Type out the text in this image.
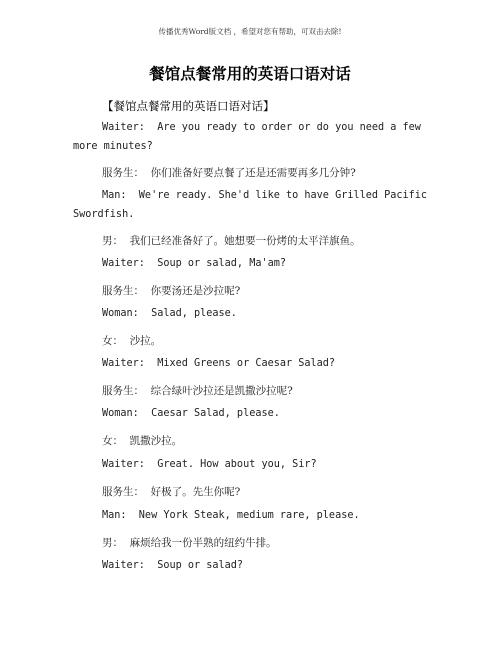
传播优秀Word版文档 ，希望对您有帮助，可双击去除!
餐馆点餐常用的英语口语对话
【餐馆点餐常用的英语口语对话】
Waiter:  Are you ready to order or do you need a few
more minutes?
服务生：  你们准备好要点餐了还是还需要再多几分钟?
Man:  We're ready. She'd like to have Grilled Pacific
Swordfish.
男：  我们已经准备好了。她想要一份烤的太平洋旗鱼。
Waiter:  Soup or salad, Ma'am?
服务生：  你要汤还是沙拉呢?
Woman:  Salad, please.
女：  沙拉。
Waiter:  Mixed Greens or Caesar Salad?
服务生：  综合绿叶沙拉还是凯撒沙拉呢?
Woman:  Caesar Salad, please.
女：  凯撒沙拉。
Waiter:  Great. How about you, Sir?
服务生：  好极了。先生你呢?
Man:  New York Steak, medium rare, please.
男：  麻烦给我一份半熟的纽约牛排。
Waiter:  Soup or salad?
